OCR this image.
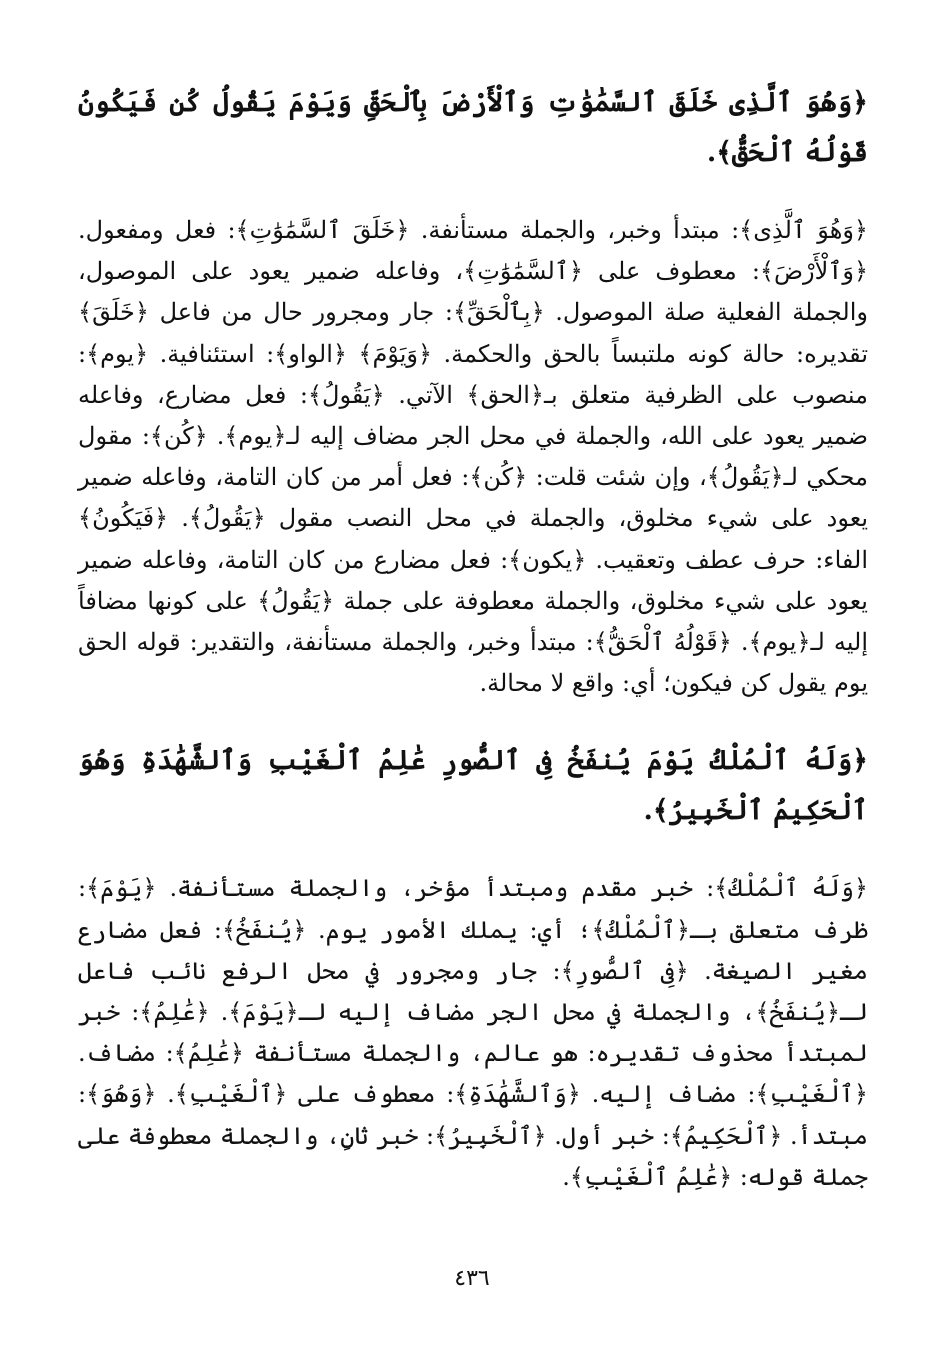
﴿وَهُوَ ٱلَّذِى خَلَقَ ٱلسَّمَٰوَٰتِ وَٱلْأَرْضَ بِٱلْحَقِّ وَيَوْمَ يَقُولُ كُن فَيَكُونُ قَوْلُهُ ٱلْحَقُّ﴾.

﴿وَهُوَ ٱلَّذِى﴾: مبتدأ وخبر، والجملة مستأنفة. ﴿خَلَقَ ٱلسَّمَٰوَٰتِ﴾: فعل ومفعول. ﴿وَٱلْأَرْضَ﴾: معطوف على ﴿ٱلسَّمَٰوَٰتِ﴾، وفاعله ضمير يعود على الموصول، والجملة الفعلية صلة الموصول. ﴿بِٱلْحَقِّ﴾: جار ومجرور حال من فاعل ﴿خَلَقَ﴾ تقديره: حالة كونه ملتبساً بالحق والحكمة. ﴿وَيَوْمَ﴾ ﴿الواو﴾: استئنافية. ﴿يوم﴾: منصوب على الظرفية متعلق بـ﴿الحق﴾ الآتي. ﴿يَقُولُ﴾: فعل مضارع، وفاعله ضمير يعود على الله، والجملة في محل الجر مضاف إليه لـ﴿يوم﴾. ﴿كُن﴾: مقول محكي لـ﴿يَقُولُ﴾، وإن شئت قلت: ﴿كُن﴾: فعل أمر من كان التامة، وفاعله ضمير يعود على شيء مخلوق، والجملة في محل النصب مقول ﴿يَقُولُ﴾. ﴿فَيَكُونُ﴾ الفاء: حرف عطف وتعقيب. ﴿يكون﴾: فعل مضارع من كان التامة، وفاعله ضمير يعود على شيء مخلوق، والجملة معطوفة على جملة ﴿يَقُولُ﴾ على كونها مضافاً إليه لـ﴿يوم﴾. ﴿قَوْلُهُ ٱلْحَقُّ﴾: مبتدأ وخبر، والجملة مستأنفة، والتقدير: قوله الحق يوم يقول كن فيكون؛ أي: واقع لا محالة.

﴿وَلَهُ ٱلْمُلْكُ يَوْمَ يُنفَخُ فِى ٱلصُّورِ عَٰلِمُ ٱلْغَيْبِ وَٱلشَّهَٰدَةِ وَهُوَ ٱلْحَكِيمُ ٱلْخَبِيرُ﴾.

﴿وَلَهُ ٱلْمُلْكُ﴾: خبر مقدم ومبتدأ مؤخر، والجملة مستأنفة. ﴿يَوْمَ﴾: ظرف متعلق بـ﴿ٱلْمُلْكُ﴾؛ أي: يملك الأمور يوم. ﴿يُنفَخُ﴾: فعل مضارع مغير الصيغة. ﴿فِى ٱلصُّورِ﴾: جار ومجرور في محل الرفع نائب فاعل لـ﴿يُنفَخُ﴾، والجملة في محل الجر مضاف إليه لـ﴿يَوْمَ﴾. ﴿عَٰلِمُ﴾: خبر لمبتدأ محذوف تقديره: هو عالم، والجملة مستأنفة ﴿عَٰلِمُ﴾: مضاف. ﴿ٱلْغَيْبِ﴾: مضاف إليه. ﴿وَٱلشَّهَٰدَةِ﴾: معطوف على ﴿ٱلْغَيْبِ﴾. ﴿وَهُوَ﴾: مبتدأ. ﴿ٱلْحَكِيمُ﴾: خبر أول. ﴿ٱلْخَبِيرُ﴾: خبر ثانٍ، والجملة معطوفة على جملة قوله: ﴿عَٰلِمُ ٱلْغَيْبِ﴾.

٤٣٦
